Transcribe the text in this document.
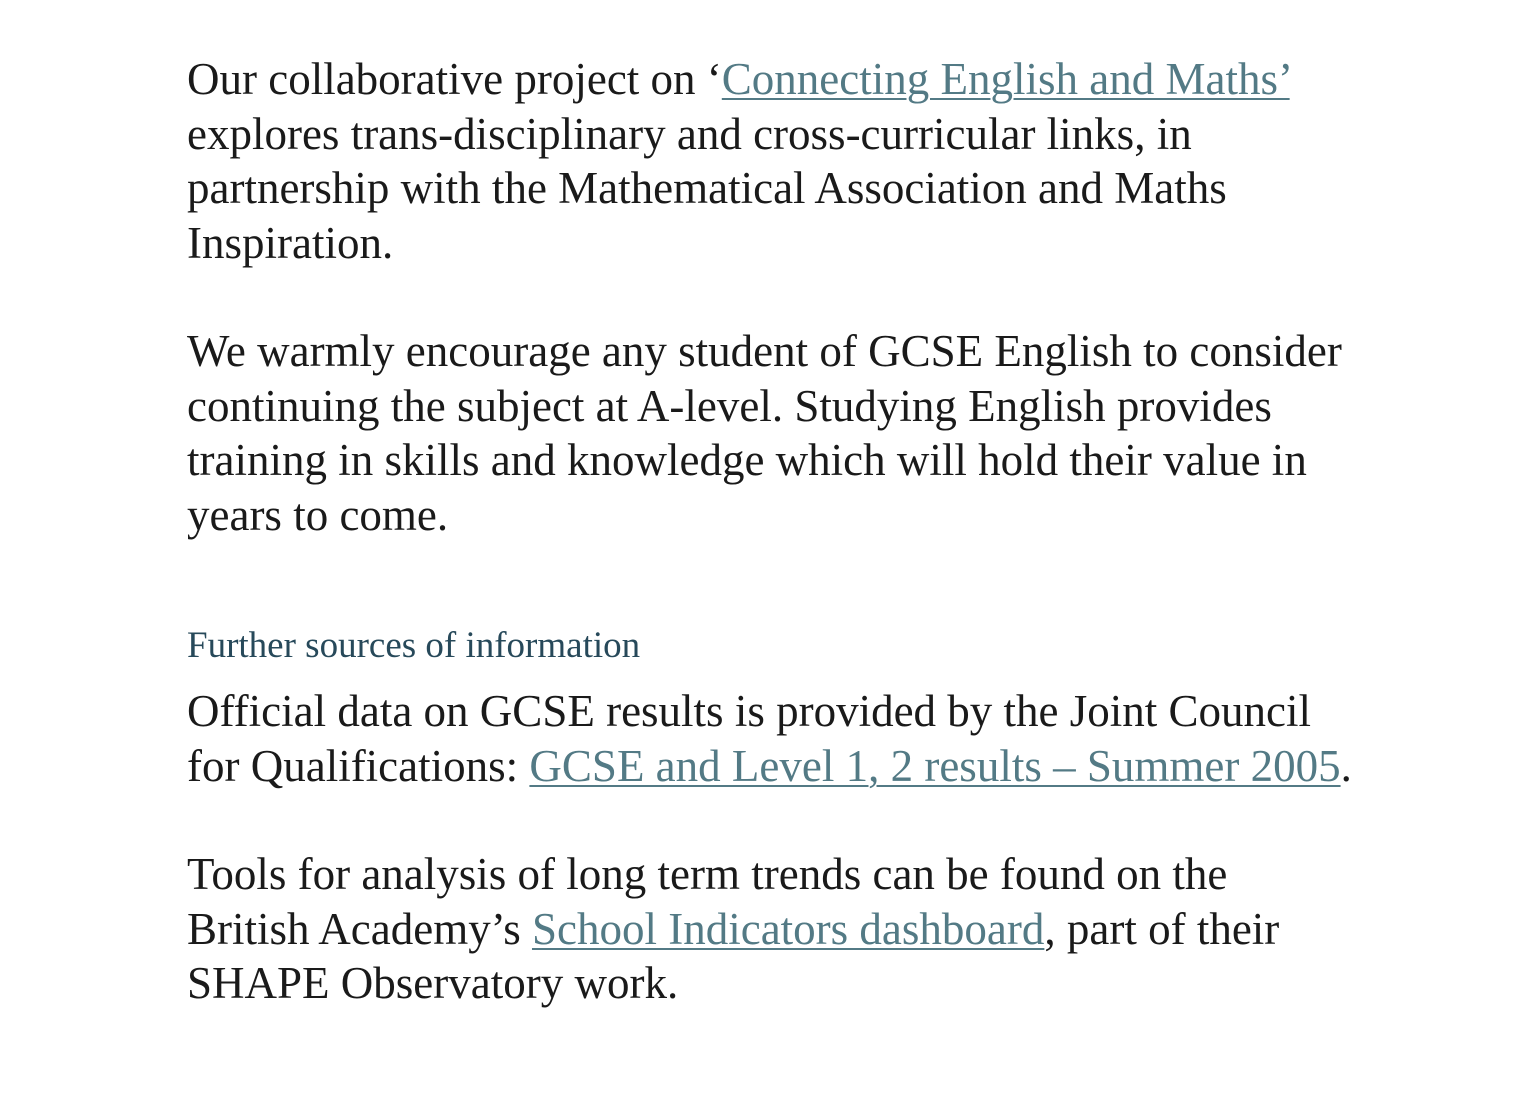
Our collaborative project on ‘Connecting English and Maths’ explores trans-disciplinary and cross-curricular links, in partnership with the Mathematical Association and Maths Inspiration.

We warmly encourage any student of GCSE English to consider continuing the subject at A-level. Studying English provides training in skills and knowledge which will hold their value in years to come.

Further sources of information

Official data on GCSE results is provided by the Joint Council for Qualifications: GCSE and Level 1, 2 results – Summer 2005.

Tools for analysis of long term trends can be found on the British Academy’s School Indicators dashboard, part of their SHAPE Observatory work.
